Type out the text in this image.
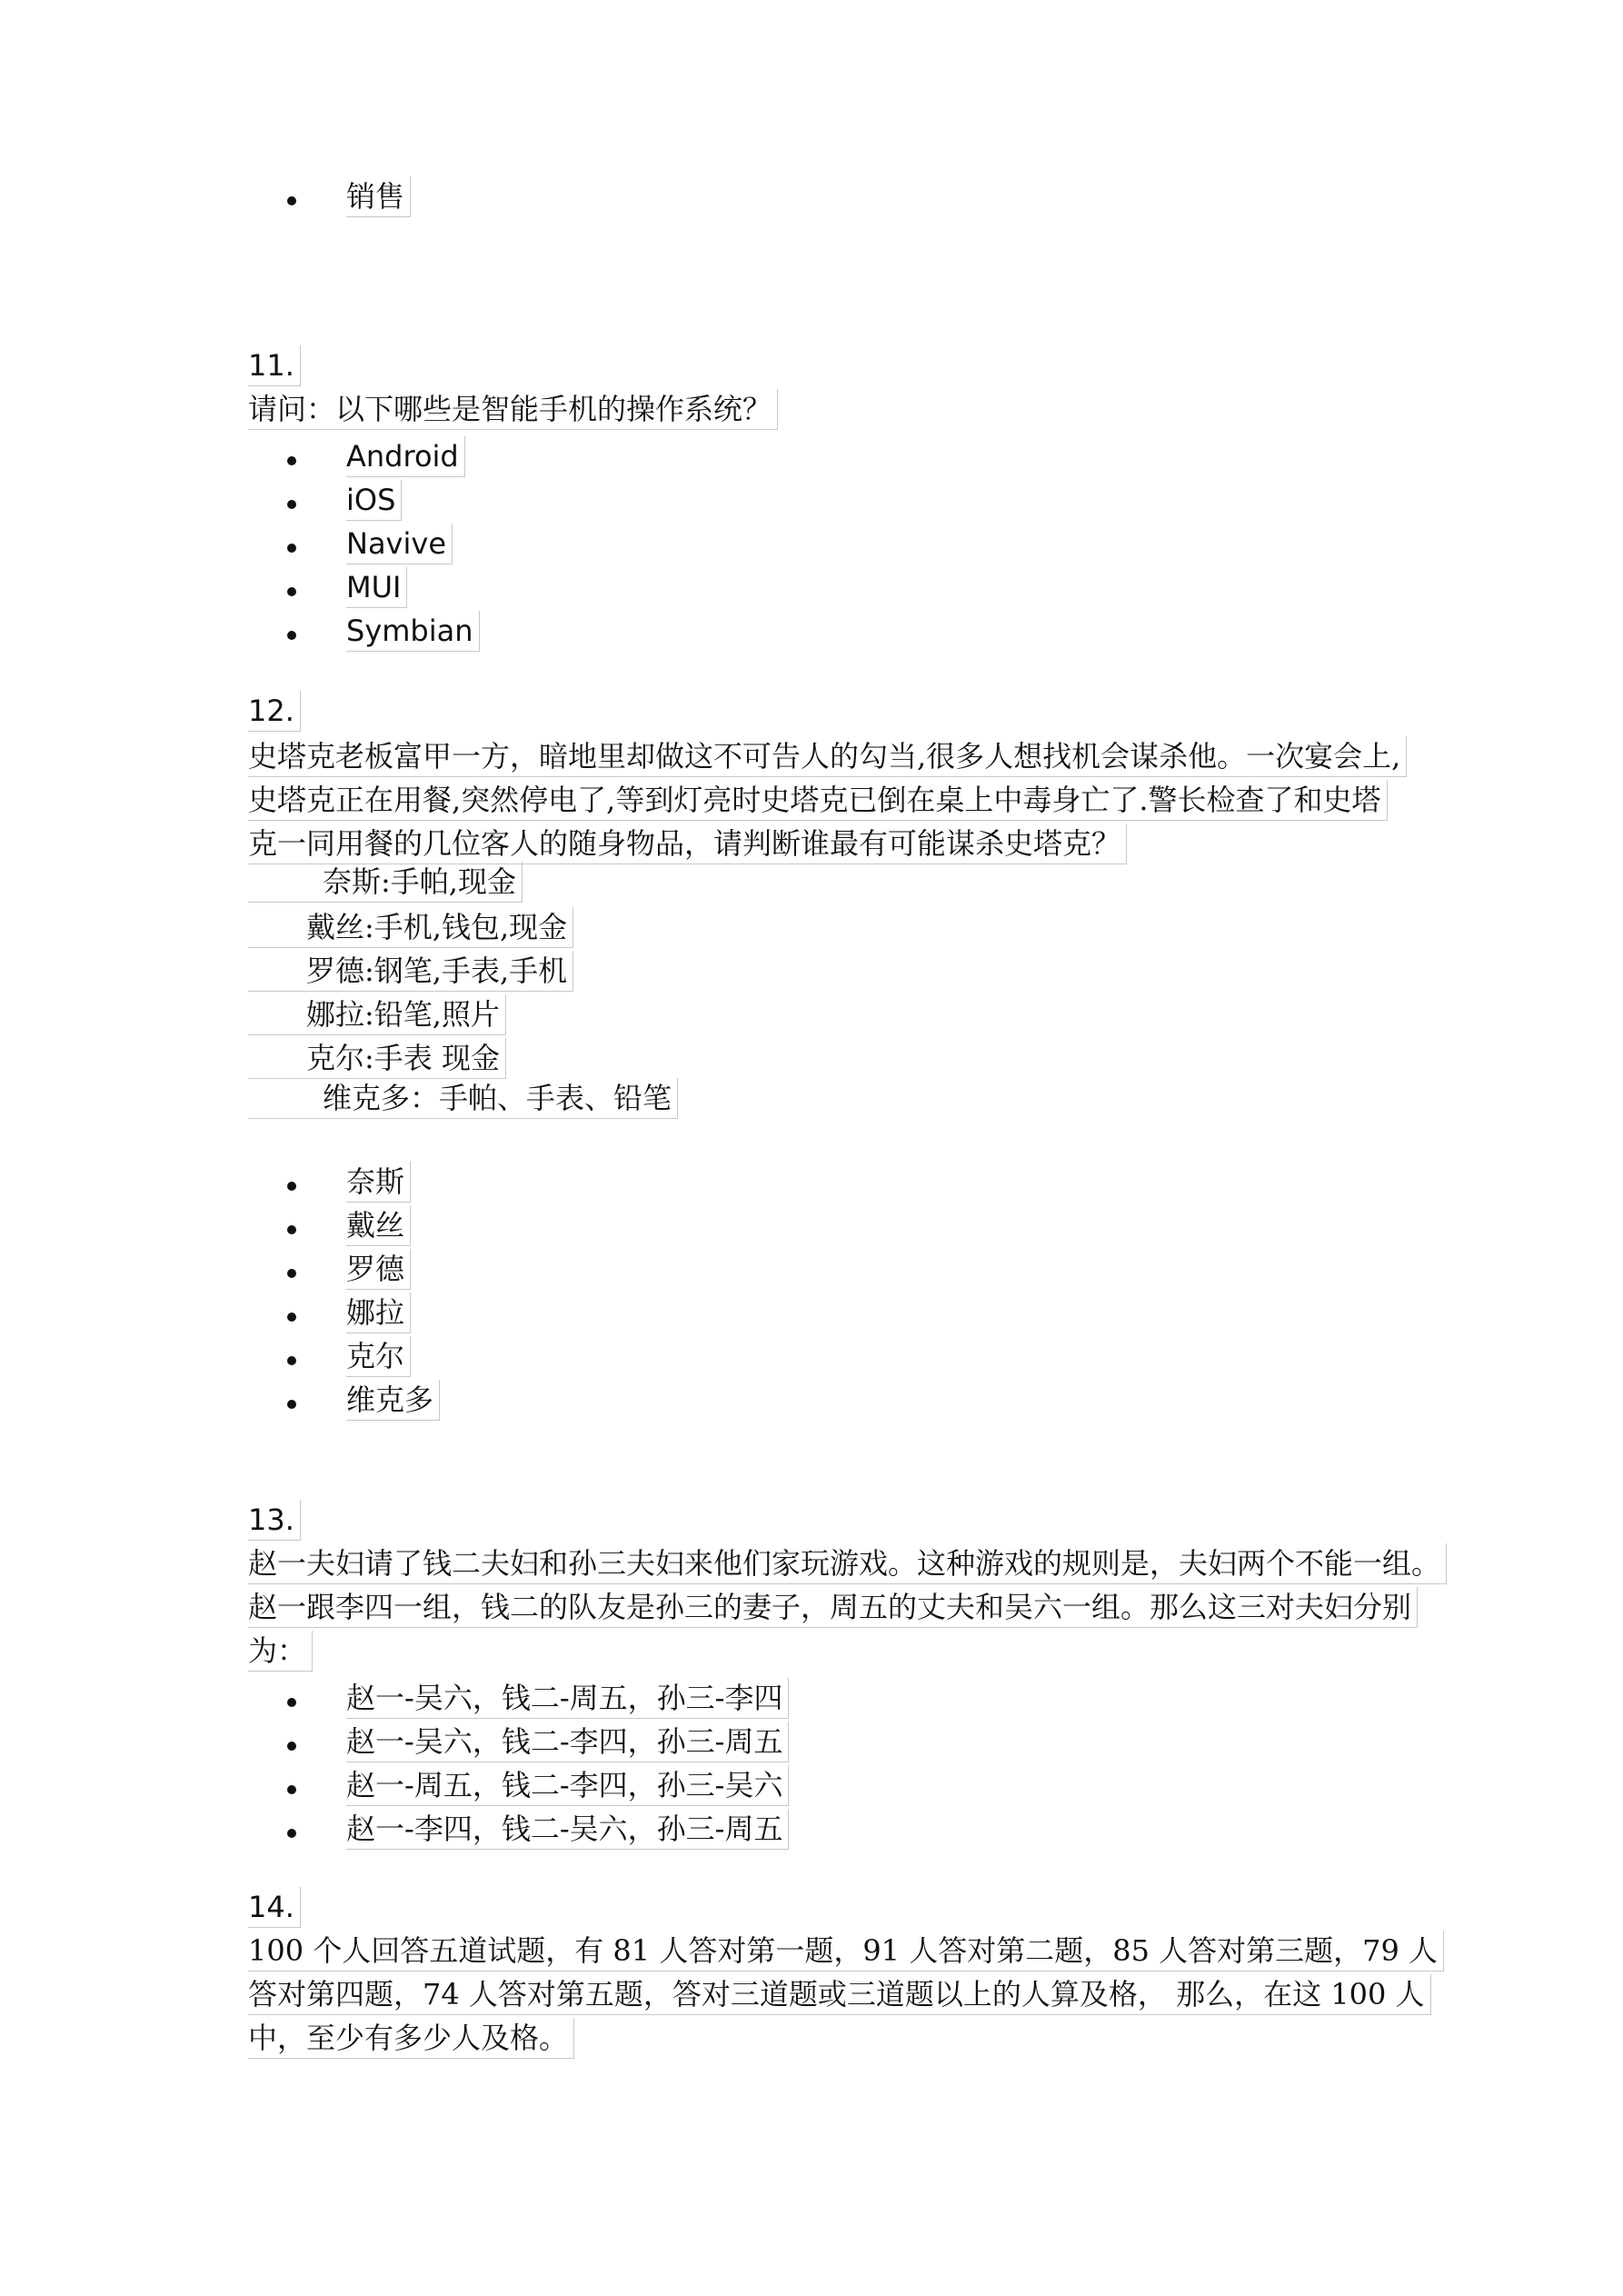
销售
11.
请问：以下哪些是智能手机的操作系统？
Android
iOS
Navive
MUI
Symbian
12.
史塔克老板富甲一方，暗地里却做这不可告人的勾当,很多人想找机会谋杀他。一次宴会上,
史塔克正在用餐,突然停电了,等到灯亮时史塔克已倒在桌上中毒身亡了.警长检查了和史塔
克一同用餐的几位客人的随身物品，请判断谁最有可能谋杀史塔克？
奈斯:手帕,现金
戴丝:手机,钱包,现金
罗德:钢笔,手表,手机
娜拉:铅笔,照片
克尔:手表 现金
维克多：手帕、手表、铅笔
奈斯
戴丝
罗德
娜拉
克尔
维克多
13.
赵一夫妇请了钱二夫妇和孙三夫妇来他们家玩游戏。这种游戏的规则是，夫妇两个不能一组。
赵一跟李四一组，钱二的队友是孙三的妻子，周五的丈夫和吴六一组。那么这三对夫妇分别
为：
赵一-吴六，钱二-周五，孙三-李四
赵一-吴六，钱二-李四，孙三-周五
赵一-周五，钱二-李四，孙三-吴六
赵一-李四，钱二-吴六，孙三-周五
14.
100 个人回答五道试题，有 81 人答对第一题，91 人答对第二题，85 人答对第三题，79 人
答对第四题，74 人答对第五题，答对三道题或三道题以上的人算及格， 那么，在这 100 人
中，至少有多少人及格。
